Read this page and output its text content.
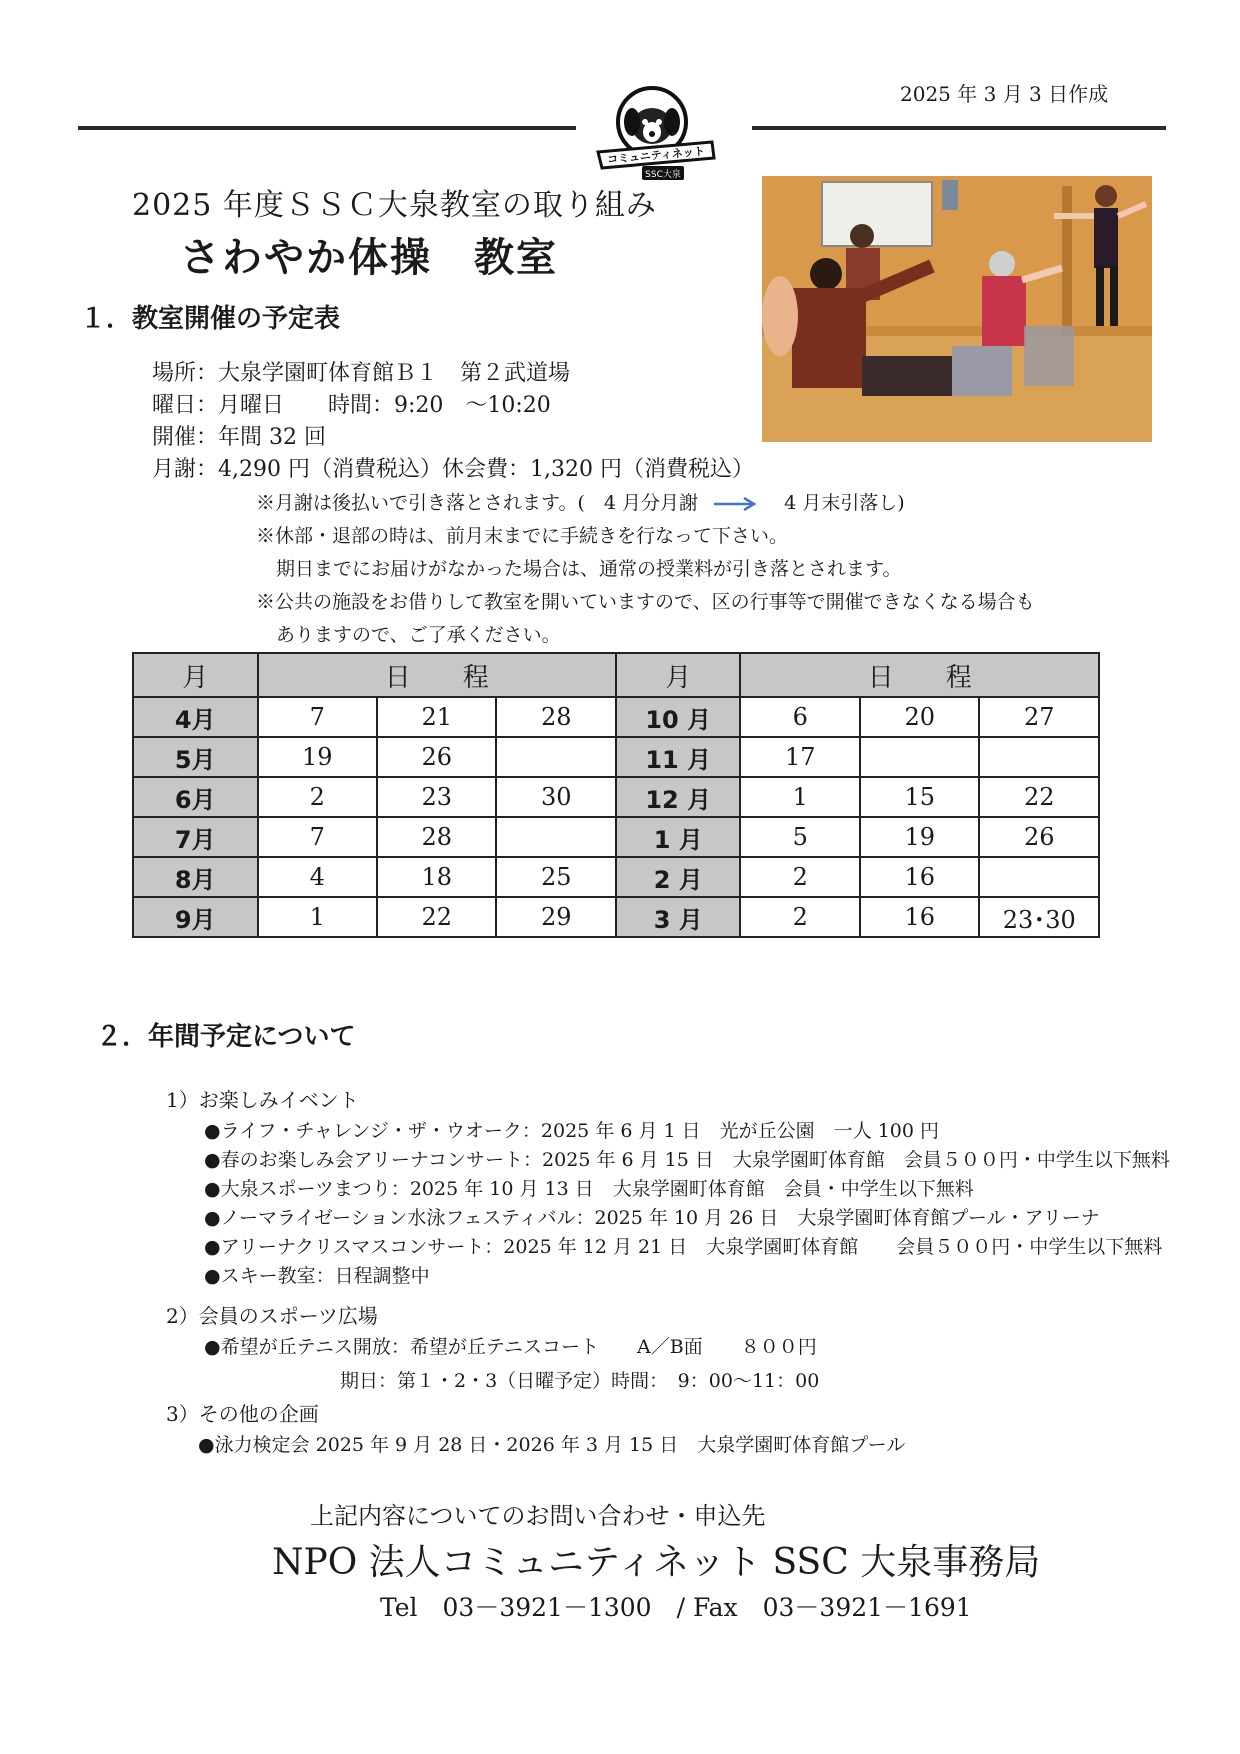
2025 年 3 月 3 日作成
コミュニティネット
SSC大泉
2025 年度ＳＳＣ大泉教室の取り組み
さわやか体操　教室
１．教室開催の予定表
場所：大泉学園町体育館Ｂ１　第２武道場
曜日：月曜日　　時間：9:20　～10:20
開催：年間 32 回
月謝：4,290 円（消費税込）休会費：1,320 円（消費税込）
※月謝は後払いで引き落とされます。(　4 月分月謝	4 月末引落し)
※休部・退部の時は、前月末までに手続きを行なって下さい。
期日までにお届けがなかった場合は、通常の授業料が引き落とされます。
※公共の施設をお借りして教室を開いていますので、区の行事等で開催できなくなる場合も
ありますので、ご了承ください。
月	日　　程			月	日　　程		
4月	7	21	28	10 月	6	20	27
5月	19	26		11 月	17		
6月	2	23	30	12 月	1	15	22
7月	7	28		1 月	5	19	26
8月	4	18	25	2 月	2	16	
9月	1	22	29	3 月	2	16	23･30
２．年間予定について
1）お楽しみイベント
●ライフ・チャレンジ・ザ・ウオーク：2025 年 6 月 1 日　光が丘公園　一人 100 円
●春のお楽しみ会アリーナコンサート：2025 年 6 月 15 日　大泉学園町体育館　会員５００円・中学生以下無料
●大泉スポーツまつり：2025 年 10 月 13 日　大泉学園町体育館　会員・中学生以下無料
●ノーマライゼーション水泳フェスティバル：2025 年 10 月 26 日　大泉学園町体育館プール・アリーナ
●アリーナクリスマスコンサート：2025 年 12 月 21 日　大泉学園町体育館　　会員５００円・中学生以下無料
●スキー教室：日程調整中
2）会員のスポーツ広場
●希望が丘テニス開放：希望が丘テニスコート　　A／B面　　８００円
期日：第１・2・3（日曜予定）時間：　9：00～11：00
3）その他の企画
●泳力検定会 2025 年 9 月 28 日・2026 年 3 月 15 日　大泉学園町体育館プール
上記内容についてのお問い合わせ・申込先
NPO 法人コミュニティネット SSC 大泉事務局
Tel　03－3921－1300　/ Fax　03－3921－1691
